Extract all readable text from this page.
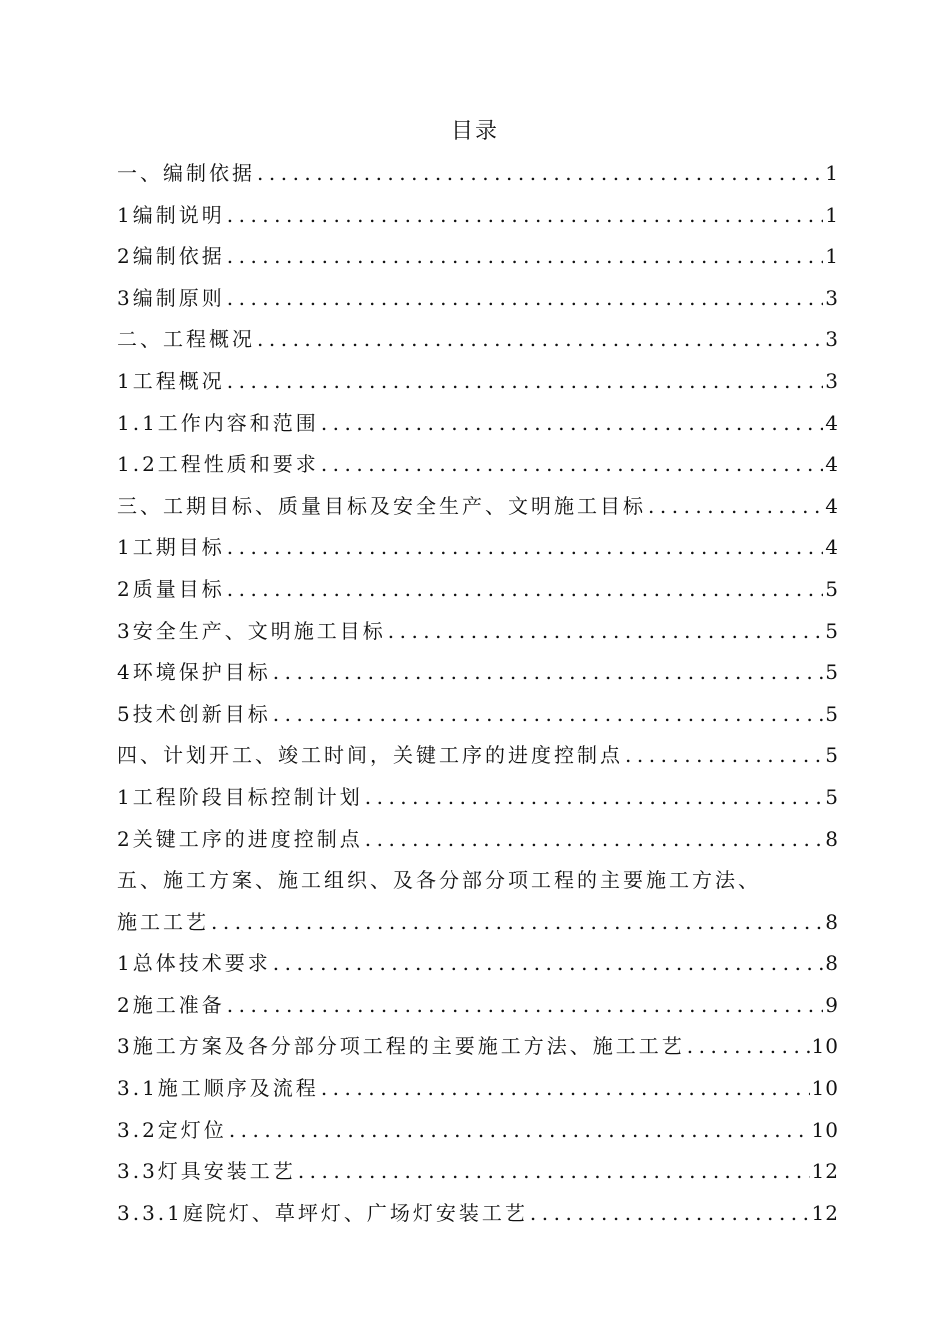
目录
一、编制依据 .....	1
1编制说明 .....	1
2编制依据 .....	1
3编制原则 .....	3
二、工程概况 .....	3
1工程概况 .....	3
1.1工作内容和范围 .....	4
1.2工程性质和要求 .....	4
三、工期目标、质量目标及安全生产、文明施工目标 .....	4
1工期目标 .....	4
2质量目标 .....	5
3安全生产、文明施工目标 .....	5
4环境保护目标 .....	5
5技术创新目标 .....	5
四、计划开工、竣工时间，关键工序的进度控制点 .....	5
1工程阶段目标控制计划 .....	5
2关键工序的进度控制点 .....	8
五、施工方案、施工组织、及各分部分项工程的主要施工方法、
施工工艺 .....	8
1总体技术要求 .....	8
2施工准备 .....	9
3施工方案及各分部分项工程的主要施工方法、施工工艺 .....	10
3.1施工顺序及流程 .....	10
3.2定灯位 .....	10
3.3灯具安装工艺 .....	12
3.3.1庭院灯、草坪灯、广场灯安装工艺 .....	12
